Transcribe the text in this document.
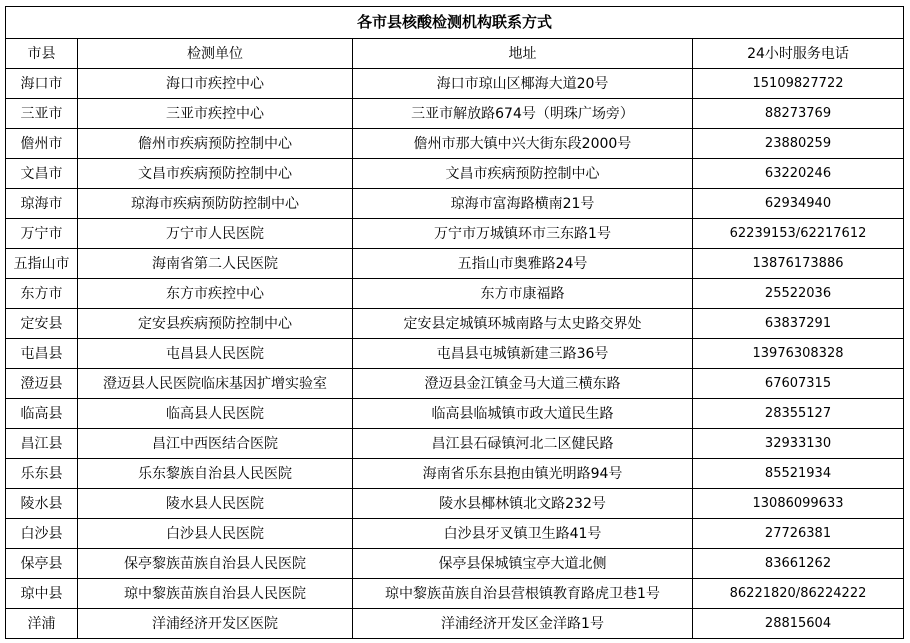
各市县核酸检测机构联系方式			
市县	检测单位	地址	24小时服务电话
海口市	海口市疾控中心	海口市琼山区椰海大道20号	15109827722
三亚市	三亚市疾控中心	三亚市解放路674号（明珠广场旁）	88273769
儋州市	儋州市疾病预防控制中心	儋州市那大镇中兴大街东段2000号	23880259
文昌市	文昌市疾病预防控制中心	文昌市疾病预防控制中心	63220246
琼海市	琼海市疾病预防防控制中心	琼海市富海路横南21号	62934940
万宁市	万宁市人民医院	万宁市万城镇环市三东路1号	62239153/62217612
五指山市	海南省第二人民医院	五指山市奥雅路24号	13876173886
东方市	东方市疾控中心	东方市康福路	25522036
定安县	定安县疾病预防控制中心	定安县定城镇环城南路与太史路交界处	63837291
屯昌县	屯昌县人民医院	屯昌县屯城镇新建三路36号	13976308328
澄迈县	澄迈县人民医院临床基因扩增实验室	澄迈县金江镇金马大道三横东路	67607315
临高县	临高县人民医院	临高县临城镇市政大道民生路	28355127
昌江县	昌江中西医结合医院	昌江县石碌镇河北二区健民路	32933130
乐东县	乐东黎族自治县人民医院	海南省乐东县抱由镇光明路94号	85521934
陵水县	陵水县人民医院	陵水县椰林镇北文路232号	13086099633
白沙县	白沙县人民医院	白沙县牙叉镇卫生路41号	27726381
保亭县	保亭黎族苗族自治县人民医院	保亭县保城镇宝亭大道北侧	83661262
琼中县	琼中黎族苗族自治县人民医院	琼中黎族苗族自治县营根镇教育路虎卫巷1号	86221820/86224222
洋浦	洋浦经济开发区医院	洋浦经济开发区金洋路1号	28815604
